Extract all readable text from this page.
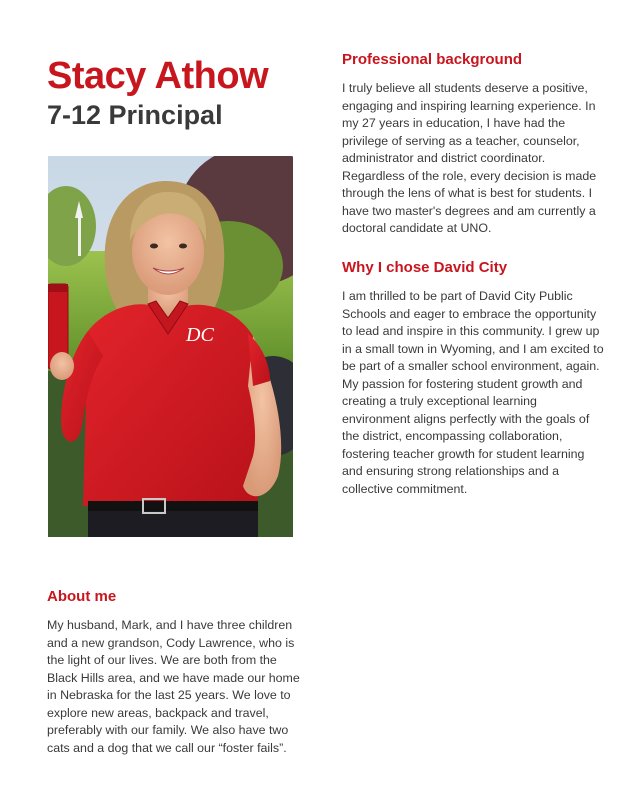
Stacy Athow
7-12 Principal
DC
Professional background

I truly believe all students deserve a positive, engaging and inspiring learning experience. In my 27 years in education, I have had the privilege of serving as a teacher, counselor, administrator and district coordinator. Regardless of the role, every decision is made through the lens of what is best for students. I have two master's degrees and am currently a doctoral candidate at UNO.

Why I chose David City

I am thrilled to be part of David City Public Schools and eager to embrace the opportunity to lead and inspire in this community. I grew up in a small town in Wyoming, and I am excited to be part of a smaller school environment, again. My passion for fostering student growth and creating a truly exceptional learning environment aligns perfectly with the goals of the district, encompassing collaboration, fostering teacher growth for student learning and ensuring strong relationships and a collective commitment.

About me

My husband, Mark, and I have three children and a new grandson, Cody Lawrence, who is the light of our lives. We are both from the Black Hills area, and we have made our home in Nebraska for the last 25 years. We love to explore new areas, backpack and travel, preferably with our family. We also have two cats and a dog that we call our “foster fails”.
